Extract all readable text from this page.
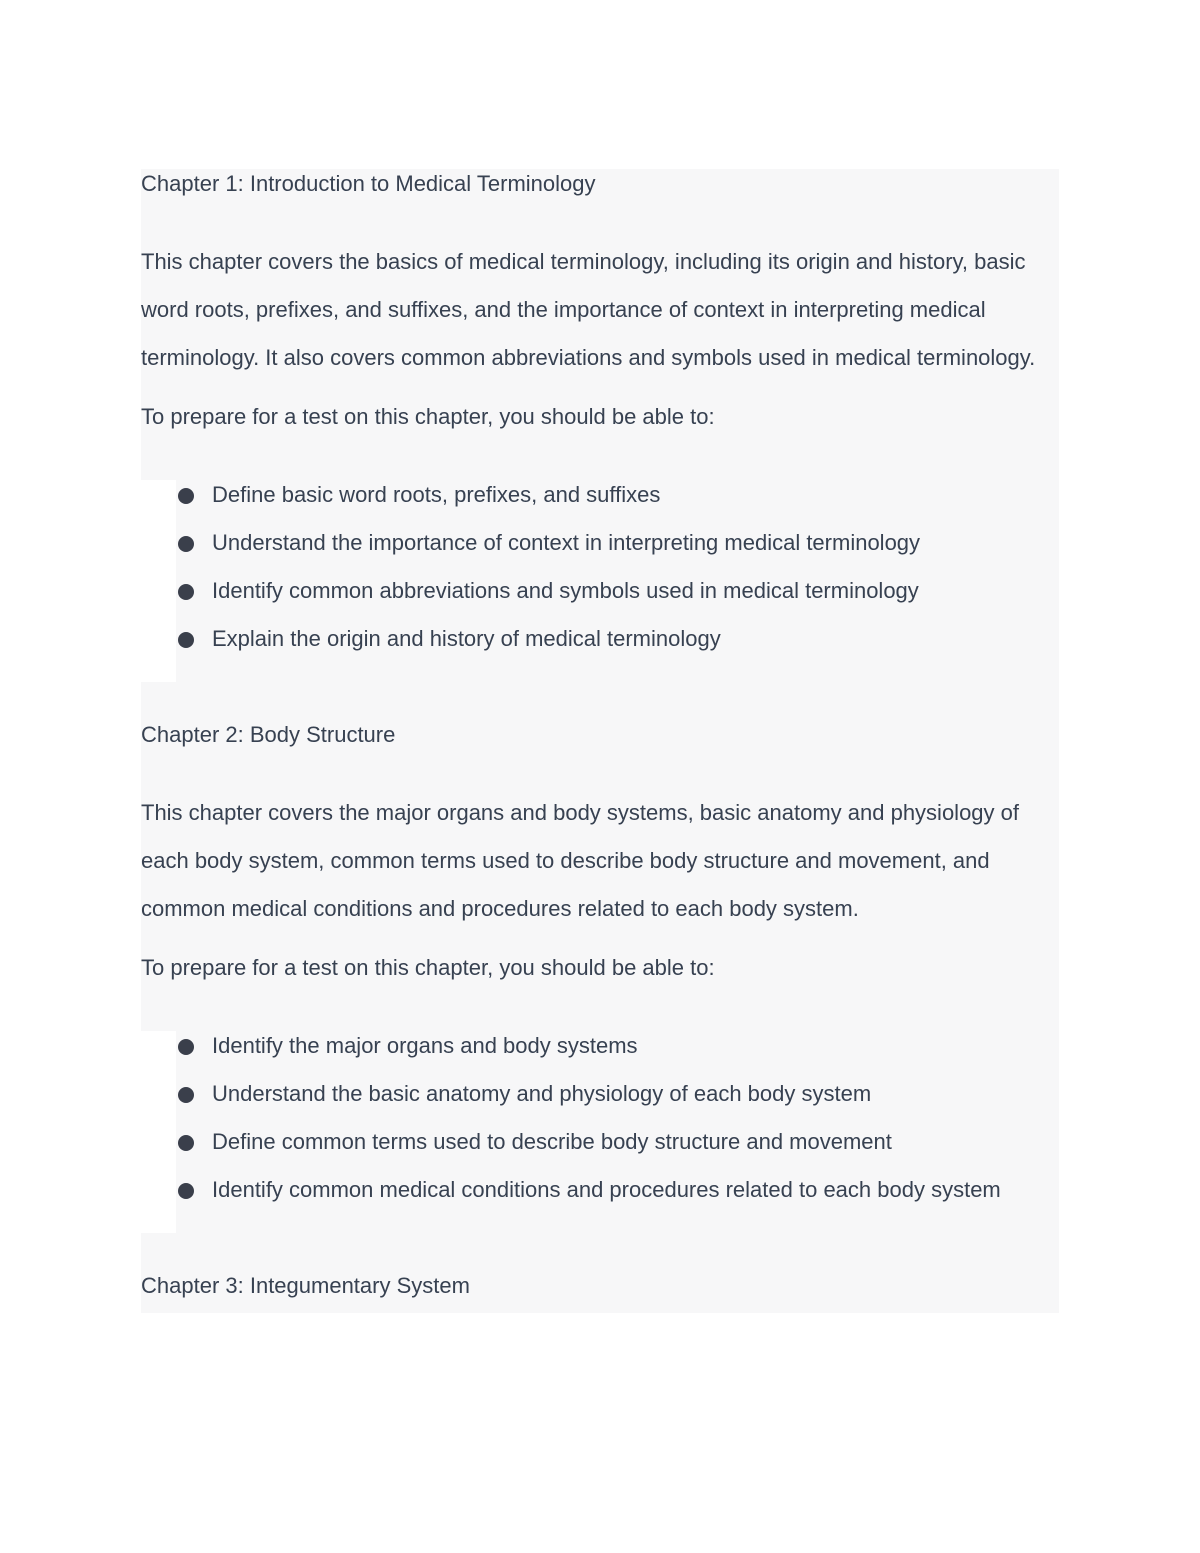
Chapter 1: Introduction to Medical Terminology
This chapter covers the basics of medical terminology, including its origin and history, basic word roots, prefixes, and suffixes, and the importance of context in interpreting medical terminology. It also covers common abbreviations and symbols used in medical terminology.
To prepare for a test on this chapter, you should be able to:
Define basic word roots, prefixes, and suffixes
Understand the importance of context in interpreting medical terminology
Identify common abbreviations and symbols used in medical terminology
Explain the origin and history of medical terminology
Chapter 2: Body Structure
This chapter covers the major organs and body systems, basic anatomy and physiology of each body system, common terms used to describe body structure and movement, and common medical conditions and procedures related to each body system.
To prepare for a test on this chapter, you should be able to:
Identify the major organs and body systems
Understand the basic anatomy and physiology of each body system
Define common terms used to describe body structure and movement
Identify common medical conditions and procedures related to each body system
Chapter 3: Integumentary System
